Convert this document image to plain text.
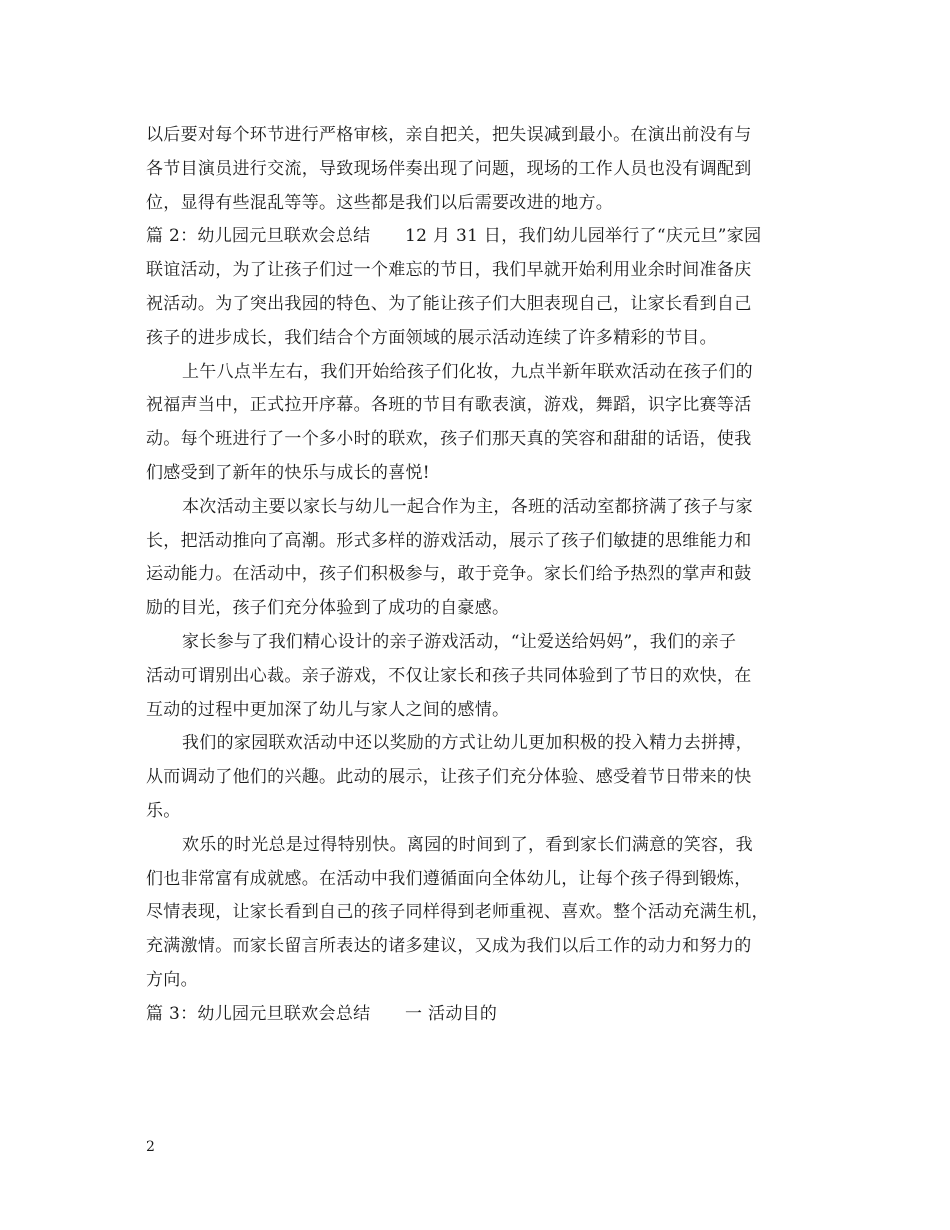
以后要对每个环节进行严格审核，亲自把关，把失误减到最小。在演出前没有与
各节目演员进行交流，导致现场伴奏出现了问题，现场的工作人员也没有调配到
位，显得有些混乱等等。这些都是我们以后需要改进的地方。
篇 2：幼儿园元旦联欢会总结　　12 月 31 日，我们幼儿园举行了“庆元旦”家园
联谊活动，为了让孩子们过一个难忘的节日，我们早就开始利用业余时间准备庆
祝活动。为了突出我园的特色、为了能让孩子们大胆表现自己，让家长看到自己
孩子的进步成长，我们结合个方面领域的展示活动连续了许多精彩的节目。
上午八点半左右，我们开始给孩子们化妆，九点半新年联欢活动在孩子们的
祝福声当中，正式拉开序幕。各班的节目有歌表演，游戏，舞蹈，识字比赛等活
动。每个班进行了一个多小时的联欢，孩子们那天真的笑容和甜甜的话语，使我
们感受到了新年的快乐与成长的喜悦!
本次活动主要以家长与幼儿一起合作为主，各班的活动室都挤满了孩子与家
长，把活动推向了高潮。形式多样的游戏活动，展示了孩子们敏捷的思维能力和
运动能力。在活动中，孩子们积极参与，敢于竞争。家长们给予热烈的掌声和鼓
励的目光，孩子们充分体验到了成功的自豪感。
家长参与了我们精心设计的亲子游戏活动，“让爱送给妈妈”，我们的亲子
活动可谓别出心裁。亲子游戏，不仅让家长和孩子共同体验到了节日的欢快，在
互动的过程中更加深了幼儿与家人之间的感情。
我们的家园联欢活动中还以奖励的方式让幼儿更加积极的投入精力去拼搏，
从而调动了他们的兴趣。此动的展示，让孩子们充分体验、感受着节日带来的快
乐。
欢乐的时光总是过得特别快。离园的时间到了，看到家长们满意的笑容，我
们也非常富有成就感。在活动中我们遵循面向全体幼儿，让每个孩子得到锻炼，
尽情表现，让家长看到自己的孩子同样得到老师重视、喜欢。整个活动充满生机，
充满激情。而家长留言所表达的诸多建议，又成为我们以后工作的动力和努力的
方向。
篇 3：幼儿园元旦联欢会总结　　一 活动目的
2
